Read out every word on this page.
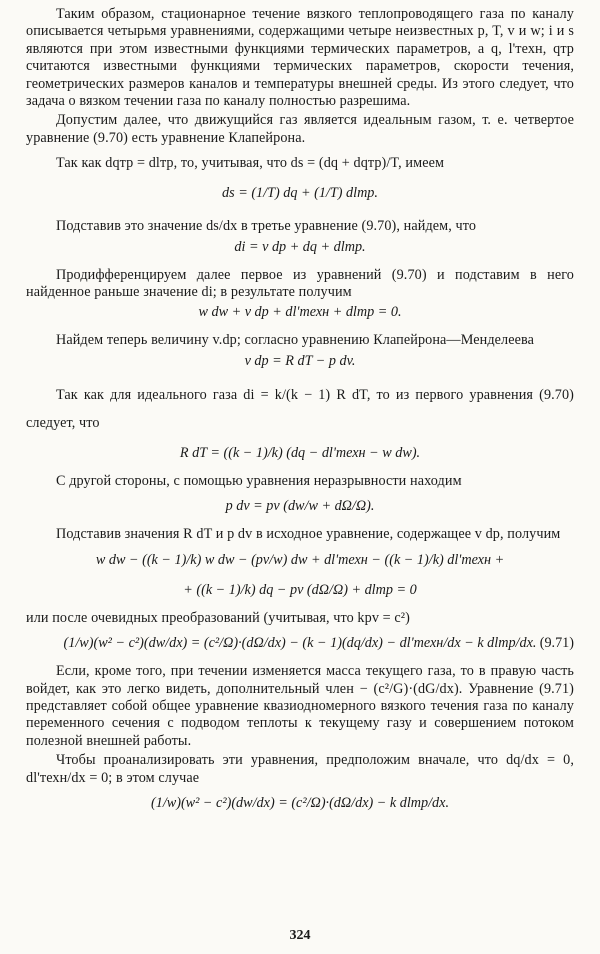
Таким образом, стационарное течение вязкого теплопроводящего газа по каналу описывается четырьмя уравнениями, содержащими четыре неизвестных p, T, v и w; i и s являются при этом известными функциями термических параметров, а q, l'техн, qтр считаются известными функциями термических параметров, скорости течения, геометрических размеров каналов и температуры внешней среды. Из этого следует, что задача о вязком течении газа по каналу полностью разрешима.

Допустим далее, что движущийся газ является идеальным газом, т. е. четвертое уравнение (9.70) есть уравнение Клапейрона.

Так как dqтр = dlтр, то, учитывая, что ds = (dq + dqтр)/T, имеем

ds = (1/T) dq + (1/T) dlтр.

Подставив это значение ds/dx в третье уравнение (9.70), найдем, что

di = v dp + dq + dlтр.

Продифференцируем далее первое из уравнений (9.70) и подставим в него найденное раньше значение di; в результате получим

w dw + v dp + dl'техн + dlтр = 0.

Найдем теперь величину v.dp; согласно уравнению Клапейрона—Менделеева

v dp = R dT − p dv.

Так как для идеального газа di = k/(k − 1) R dT, то из первого уравнения (9.70) следует, что

R dT = ((k − 1)/k) (dq − dl'техн − w dw).

С другой стороны, с помощью уравнения неразрывности находим

p dv = pv (dw/w + dΩ/Ω).

Подставив значения R dT и p dv в исходное уравнение, содержащее v dp, получим

w dw − ((k − 1)/k) w dw − (pv/w) dw + dl'техн − ((k − 1)/k) dl'техн +
+ ((k − 1)/k) dq − pv (dΩ/Ω) + dlтр = 0

или после очевидных преобразований (учитывая, что kpv = c²)

(1/w)(w² − c²)(dw/dx) = (c²/Ω)·(dΩ/dx) − (k − 1)(dq/dx) − dl'техн/dx − k dlтр/dx. (9.71)

Если, кроме того, при течении изменяется масса текущего газа, то в правую часть войдет, как это легко видеть, дополнительный член − (c²/G)·(dG/dx). Уравнение (9.71) представляет собой общее уравнение квазиодномерного вязкого течения газа по каналу переменного сечения с подводом теплоты к текущему газу и совершением потоком полезной внешней работы.

Чтобы проанализировать эти уравнения, предположим вначале, что dq/dx = 0, dl'техн/dx = 0; в этом случае

(1/w)(w² − c²)(dw/dx) = (c²/Ω)·(dΩ/dx) − k dlтр/dx.
324
